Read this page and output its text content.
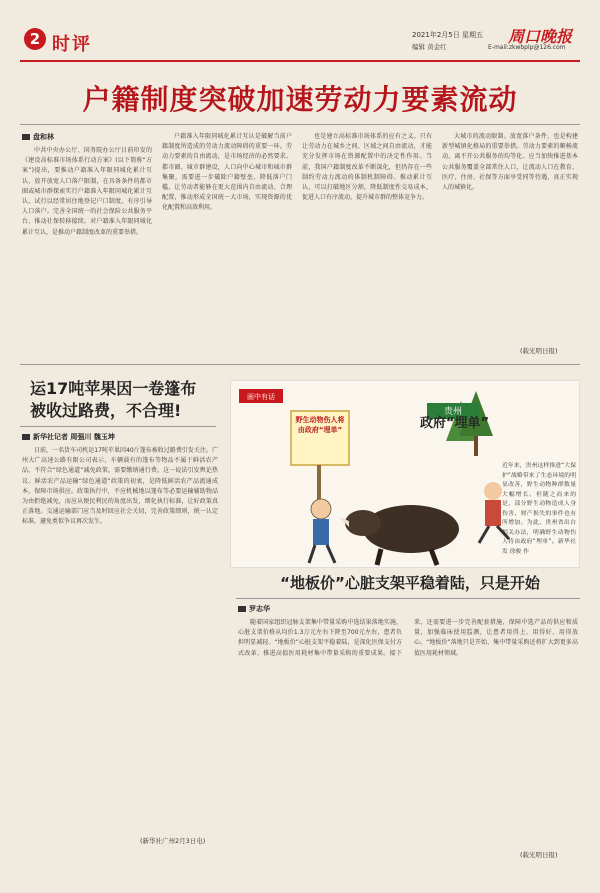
2 时评	2021年2月5日 星期五
编辑 黄金红
周口晚报
E-mail:zkwbplp@126.com
户籍制度突破加速劳动力要素流动
盘和林

中共中央办公厅、国务院办公厅日前印发的《建设高标准市场体系行动方案》(以下简称“方案”)提出，要推动户籍准入年限同城化累计互认、放开放宽人口落户限制，在具备条件的都市圈或城市群探索实行户籍准入年限同城化累计互认，试行以经常居住地登记户口制度，有序引导人口落户。完善全国统一的社会保险公共服务平台，推动社保转移接续。对户籍准入年限同城化累计互认，是推动户籍制度改革的重要举措。

户籍准入年限同城化累计互认是破解当前户籍制度所造成的劳动力流动障碍的重要一环。劳动力要素的自由流动，是市场经济的必然要求。都市圈、城市群建设，人口向中心城市和城市群集聚，需要进一步破除户籍壁垒，降低落户门槛，让劳动者能够在更大范围内自由流动、合理配置，推动形成全国统一大市场，实现资源的优化配置和高效利用。

也是建立高标准市场体系的应有之义。只有让劳动力在城乡之间、区域之间自由流动，才能充分发挥市场在资源配置中的决定性作用。当前，我国户籍制度改革不断深化，但仍存在一些制约劳动力流动的体制机制障碍。推动累计互认，可以打破地区分割，降低制度性交易成本，促进人口有序流动，提升城市群的整体竞争力。

大城市的流动限制。放宽落户条件，也是构建新型城镇化格局的重要举措。劳动力要素的顺畅流动，离不开公共服务的均等化。应当加快推进基本公共服务覆盖全部常住人口，让流动人口在教育、医疗、住房、社保等方面享受同等待遇，真正实现人的城镇化。

(载光明日报)
运17吨苹果因一卷篷布被收过路费，不合理!
新华社记者 周强川 魏玉坤

日前，一名货车司机运17吨苹果因40斤篷布被收过路费引发关注。广州大广高速公路有限公司表示，车辆载有的篷布等物品不属于鲜活农产品，不符合“绿色通道”减免政策，需要缴纳通行费。这一说法引发舆论热议。鲜活农产品运输“绿色通道”政策的初衷，是降低鲜活农产品流通成本，保障市场供应。政策执行中，不应机械地以篷布等必要运输辅助物品为由拒绝减免，而应从便民利民的角度出发，细化执行标准，让好政策真正落地。交通运输部门应当及时回应社会关切，完善政策细则，统一认定标准，避免类似争议再次发生。

(新华社广州2月3日电)
画中有话
贵州
野生动物伤人将由政府“埋单”	政府“埋单”
近年来，贵州这样推进“大保护”战略带来了生态环境的明显改善，野生动物种群数量大幅增长。但随之而来的是，部分野生动物造成人身伤害、财产损失的事件也有所增加。为此，贵州省出台相关办法，明确野生动物伤人将由政府“埋单”。新华社发 徐骏 作
“地板价”心脏支架平稳着陆，只是开始
罗志华

随着国家组织冠脉支架集中带量采购中选结果落地实施，心脏支架价格从均价1.3万元左右下降至700元左右，患者负担明显减轻。“地板价”心脏支架平稳着陆，是深化医保支付方式改革、推进高值医用耗材集中带量采购的重要成果。接下来，还需要进一步完善配套措施，保障中选产品的供应和质量，加强临床使用监测，让患者用得上、用得好、用得放心。“地板价”落地只是开始，集中带量采购还将扩大到更多高值医用耗材领域。

(载光明日报)
